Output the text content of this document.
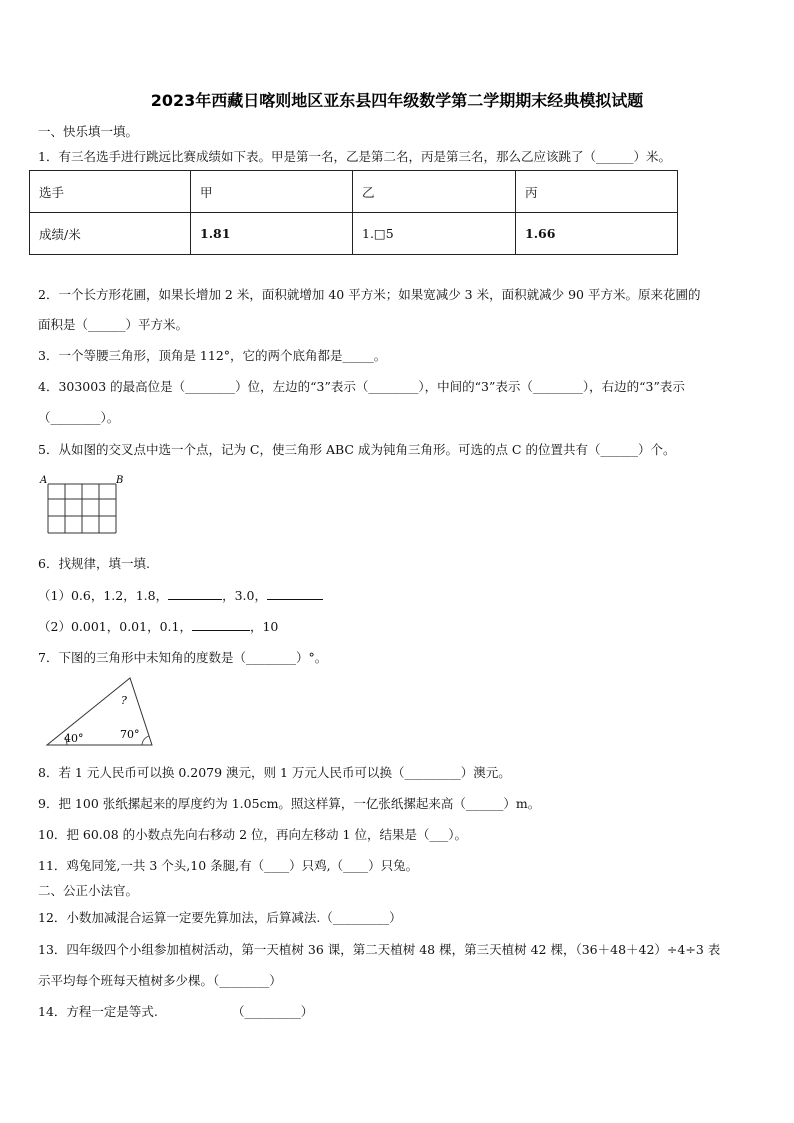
2023年西藏日喀则地区亚东县四年级数学第二学期期末经典模拟试题
一、快乐填一填。
1．有三名选手进行跳远比赛成绩如下表。甲是第一名，乙是第二名，丙是第三名，那么乙应该跳了（______）米。
选手	甲	乙	丙
成绩/米	1.81	1.□5	1.66
2．一个长方形花圃，如果长增加 2 米，面积就增加 40 平方米；如果宽减少 3 米，面积就减少 90 平方米。原来花圃的
面积是（______）平方米。
3．一个等腰三角形，顶角是 112°，它的两个底角都是_____。
4．303003 的最高位是（________）位，左边的“3”表示（________），中间的“3”表示（________），右边的“3”表示
（________）。
5．从如图的交叉点中选一个点，记为 C，使三角形 ABC 成为钝角三角形。可选的点 C 的位置共有（______）个。
A	B
6．找规律，填一填.
（1）0.6，1.2，1.8，	，3.0，
（2）0.001，0.01，0.1，	，10
7．下图的三角形中未知角的度数是（________）°。
40°	70°
?
8．若 1 元人民币可以换 0.2079 澳元，则 1 万元人民币可以换（_________）澳元。
9．把 100 张纸摞起来的厚度约为 1.05cm。照这样算，一亿张纸摞起来高（______）m。
10．把 60.08 的小数点先向右移动 2 位，再向左移动 1 位，结果是（___）。
11．鸡兔同笼,一共 3 个头,10 条腿,有（____）只鸡,（____）只兔。
二、公正小法官。
12．小数加减混合运算一定要先算加法，后算减法.（_________）
13．四年级四个小组参加植树活动，第一天植树 36 课，第二天植树 48 棵，第三天植树 42 棵，（36＋48＋42）÷4÷3 表
示平均每个班每天植树多少棵。（________）
14．方程一定是等式.	（_________）
